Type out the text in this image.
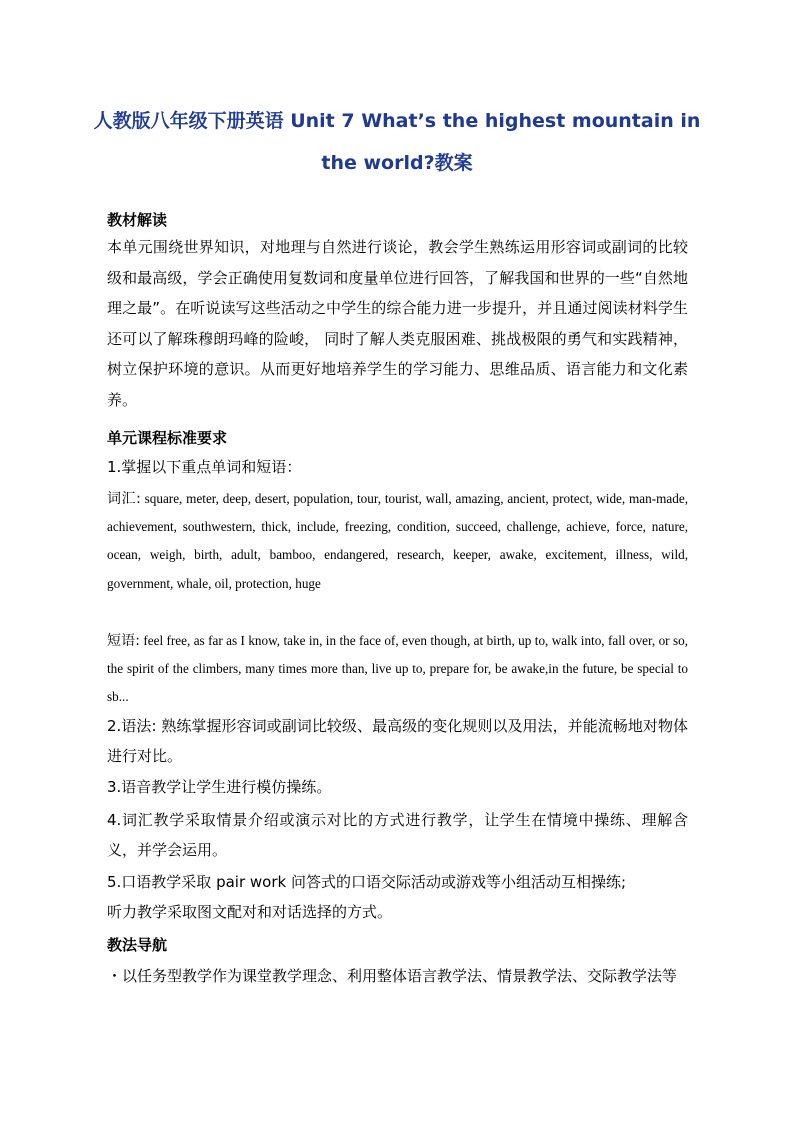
人教版八年级下册英语 Unit 7 What’s the highest mountain in
the world?教案
教材解读
本单元围绕世界知识，对地理与自然进行谈论，教会学生熟练运用形容词或副词的比较级和最高级，学会正确使用复数词和度量单位进行回答，了解我国和世界的一些“自然地理之最”。在听说读写这些活动之中学生的综合能力进一步提升，并且通过阅读材料学生还可以了解珠穆朗玛峰的险峻， 同时了解人类克服困难、挑战极限的勇气和实践精神，树立保护环境的意识。从而更好地培养学生的学习能力、思维品质、语言能力和文化素养。
单元课程标准要求
1.掌握以下重点单词和短语：
词汇: square, meter, deep, desert, population, tour, tourist, wall, amazing, ancient, protect, wide, man-made, achievement, southwestern, thick, include, freezing, condition, succeed, challenge, achieve, force, nature, ocean, weigh, birth, adult, bamboo, endangered, research, keeper, awake, excitement, illness, wild, government, whale, oil, protection, huge
短语: feel free, as far as I know, take in, in the face of, even though, at birth, up to, walk into, fall over, or so, the spirit of the climbers, many times more than, live up to, prepare for, be awake,in the future, be special to sb...
2.语法: 熟练掌握形容词或副词比较级、最高级的变化规则以及用法，并能流畅地对物体进行对比。
3.语音教学让学生进行模仿操练。
4.词汇教学采取情景介绍或演示对比的方式进行教学，让学生在情境中操练、理解含义，并学会运用。
5.口语教学采取 pair work 问答式的口语交际活动或游戏等小组活动互相操练;
听力教学采取图文配对和对话选择的方式。
教法导航
・以任务型教学作为课堂教学理念、利用整体语言教学法、情景教学法、交际教学法等
